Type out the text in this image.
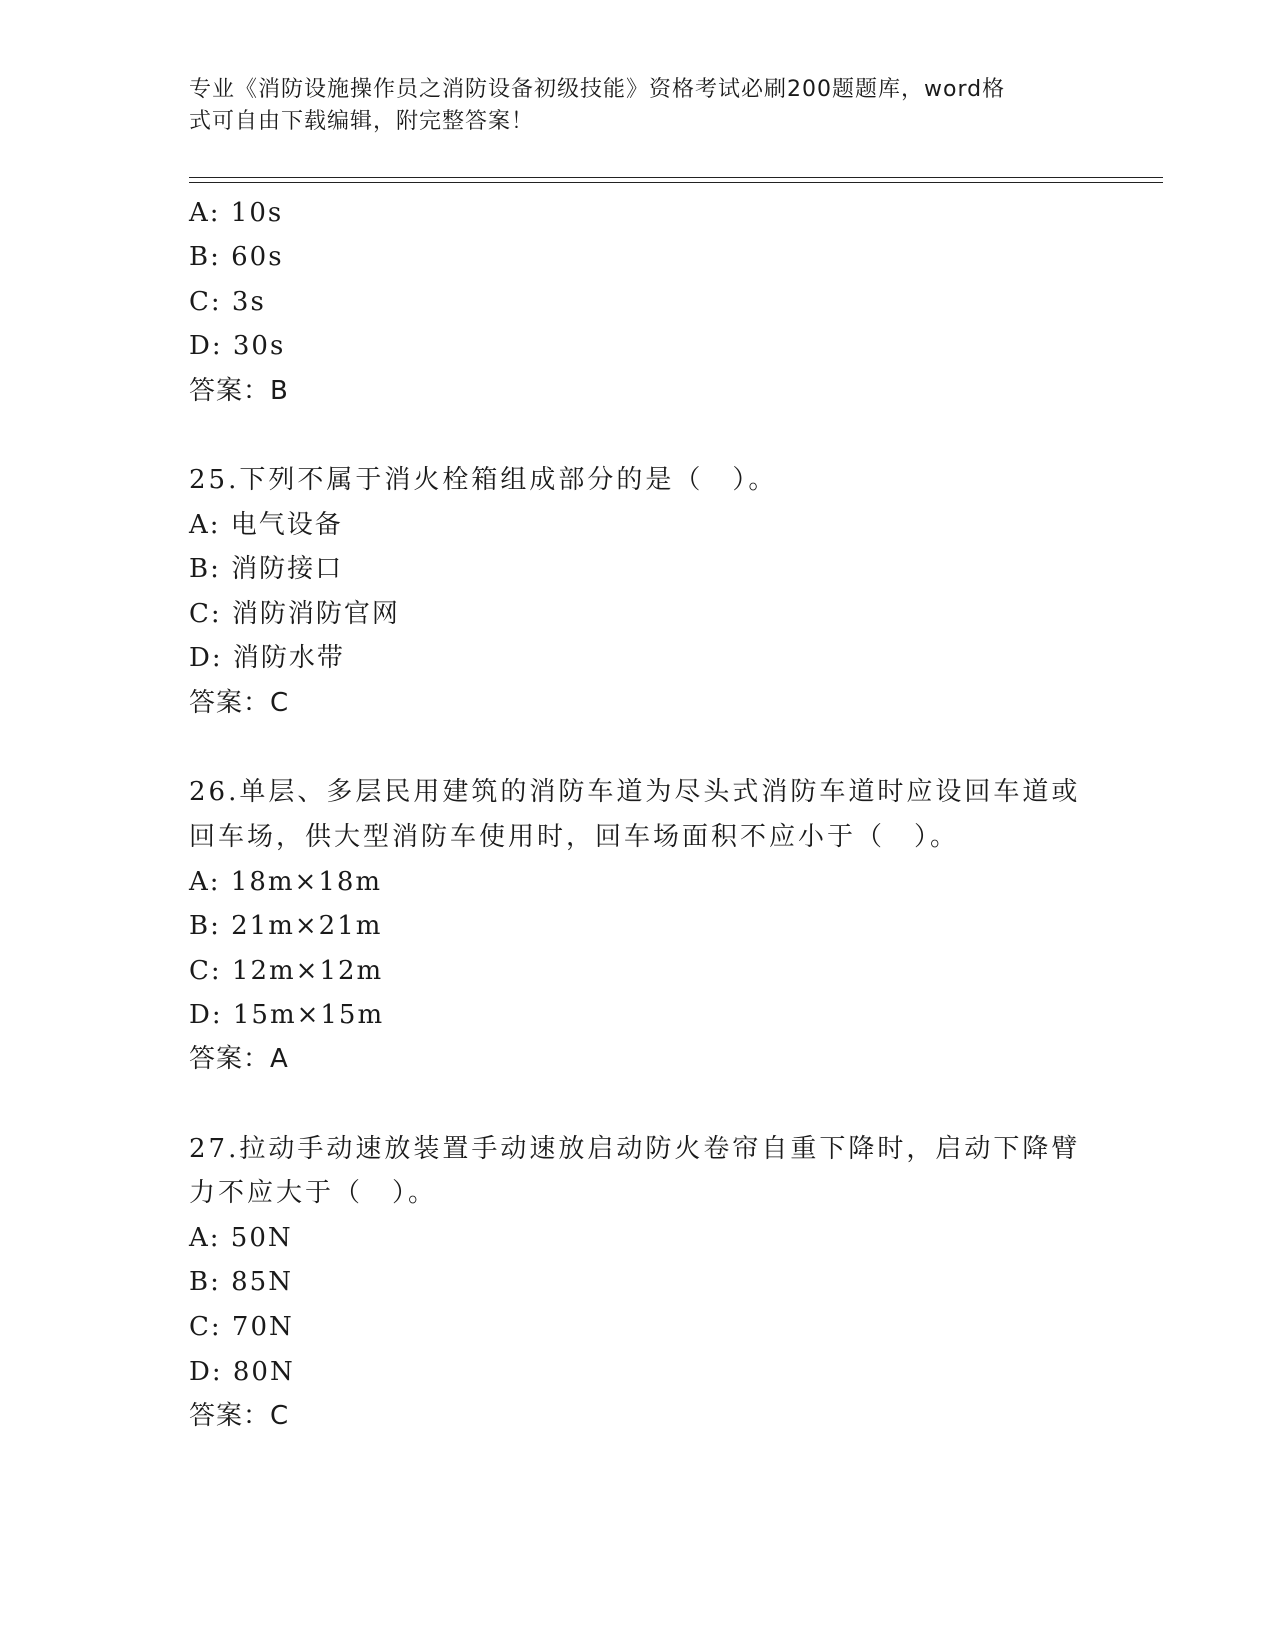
专业《消防设施操作员之消防设备初级技能》资格考试必刷200题题库，word格
式可自由下载编辑，附完整答案！
A: 10s
B: 60s
C: 3s
D: 30s
答案：B
25.下列不属于消火栓箱组成部分的是（　）。
A: 电气设备
B: 消防接口
C: 消防消防官网
D: 消防水带
答案：C
26.单层、多层民用建筑的消防车道为尽头式消防车道时应设回车道或
回车场，供大型消防车使用时，回车场面积不应小于（　）。
A: 18m×18m
B: 21m×21m
C: 12m×12m
D: 15m×15m
答案：A
27.拉动手动速放装置手动速放启动防火卷帘自重下降时，启动下降臂
力不应大于（　）。
A: 50N
B: 85N
C: 70N
D: 80N
答案：C
